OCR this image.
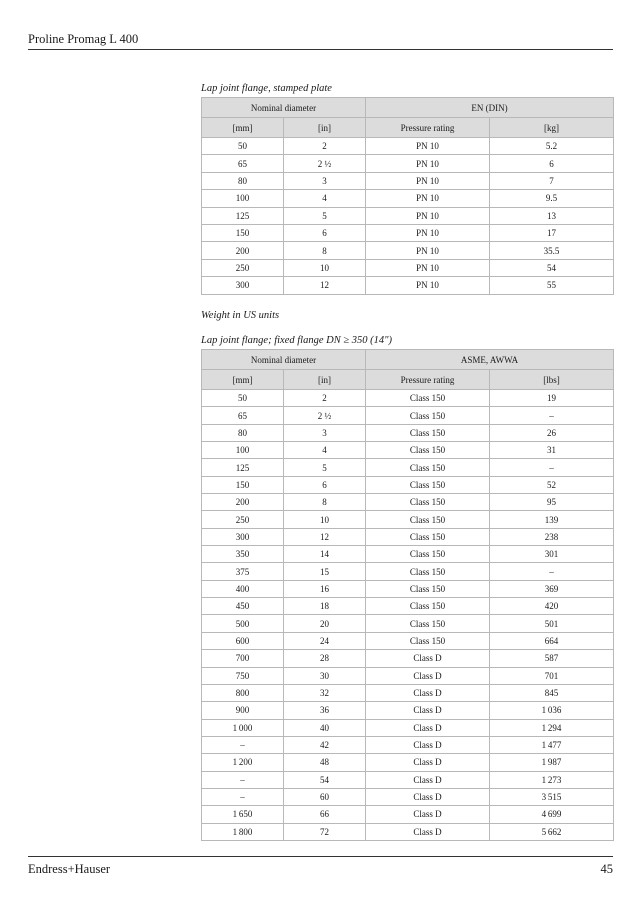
Proline Promag L 400
Lap joint flange, stamped plate
Nominal diameter		EN (DIN)	
[mm]	[in]	Pressure rating	[kg]
50	2	PN 10	5.2
65	2 ½	PN 10	6
80	3	PN 10	7
100	4	PN 10	9.5
125	5	PN 10	13
150	6	PN 10	17
200	8	PN 10	35.5
250	10	PN 10	54
300	12	PN 10	55
Weight in US units
Lap joint flange; fixed flange DN ≥ 350 (14")
Nominal diameter		ASME, AWWA	
[mm]	[in]	Pressure rating	[lbs]
50	2	Class 150	19
65	2 ½	Class 150	–
80	3	Class 150	26
100	4	Class 150	31
125	5	Class 150	–
150	6	Class 150	52
200	8	Class 150	95
250	10	Class 150	139
300	12	Class 150	238
350	14	Class 150	301
375	15	Class 150	–
400	16	Class 150	369
450	18	Class 150	420
500	20	Class 150	501
600	24	Class 150	664
700	28	Class D	587
750	30	Class D	701
800	32	Class D	845
900	36	Class D	1 036
1 000	40	Class D	1 294
–	42	Class D	1 477
1 200	48	Class D	1 987
–	54	Class D	1 273
–	60	Class D	3 515
1 650	66	Class D	4 699
1 800	72	Class D	5 662
Endress+Hauser	45
